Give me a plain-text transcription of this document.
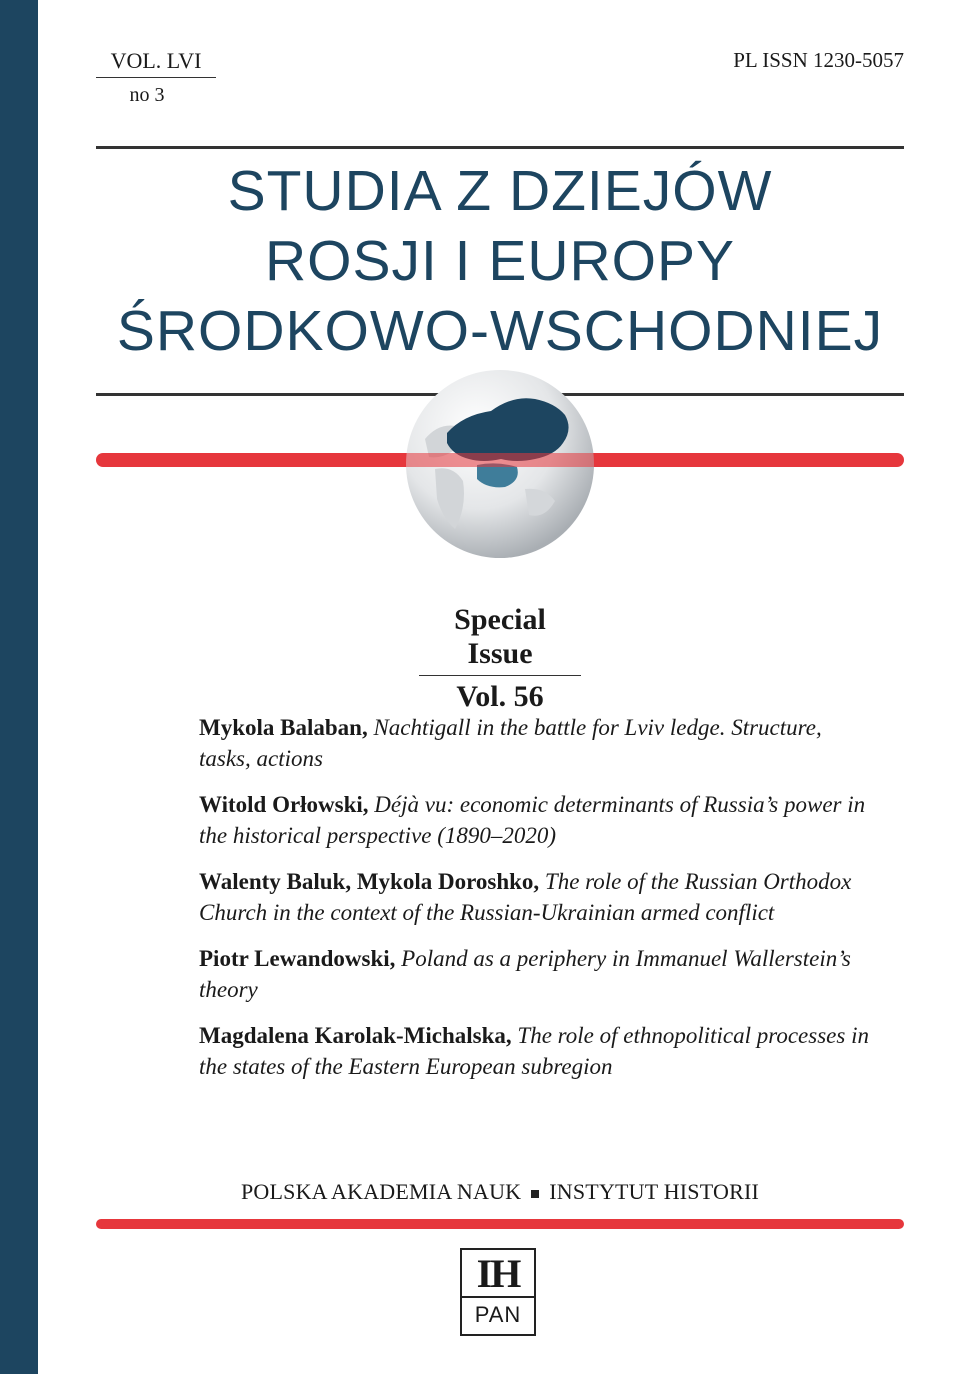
VOL. LVI
no 3
PL ISSN 1230-5057
STUDIA Z DZIEJÓW
ROSJI I EUROPY
ŚRODKOWO-WSCHODNIEJ
Special Issue
Vol. 56
Mykola Balaban, Nachtigall in the battle for Lviv ledge. Structure, tasks, actions
Witold Orłowski, Déjà vu: economic determinants of Russia’s power in the historical perspective (1890–2020)
Walenty Baluk, Mykola Doroshko, The role of the Russian Orthodox Church in the context of the Russian-Ukrainian armed conflict
Piotr Lewandowski, Poland as a periphery in Immanuel Wallerstein’s theory
Magdalena Karolak-Michalska, The role of ethnopolitical processes in the states of the Eastern European subregion
POLSKA AKADEMIA NAUK INSTYTUT HISTORII
IH
PAN
